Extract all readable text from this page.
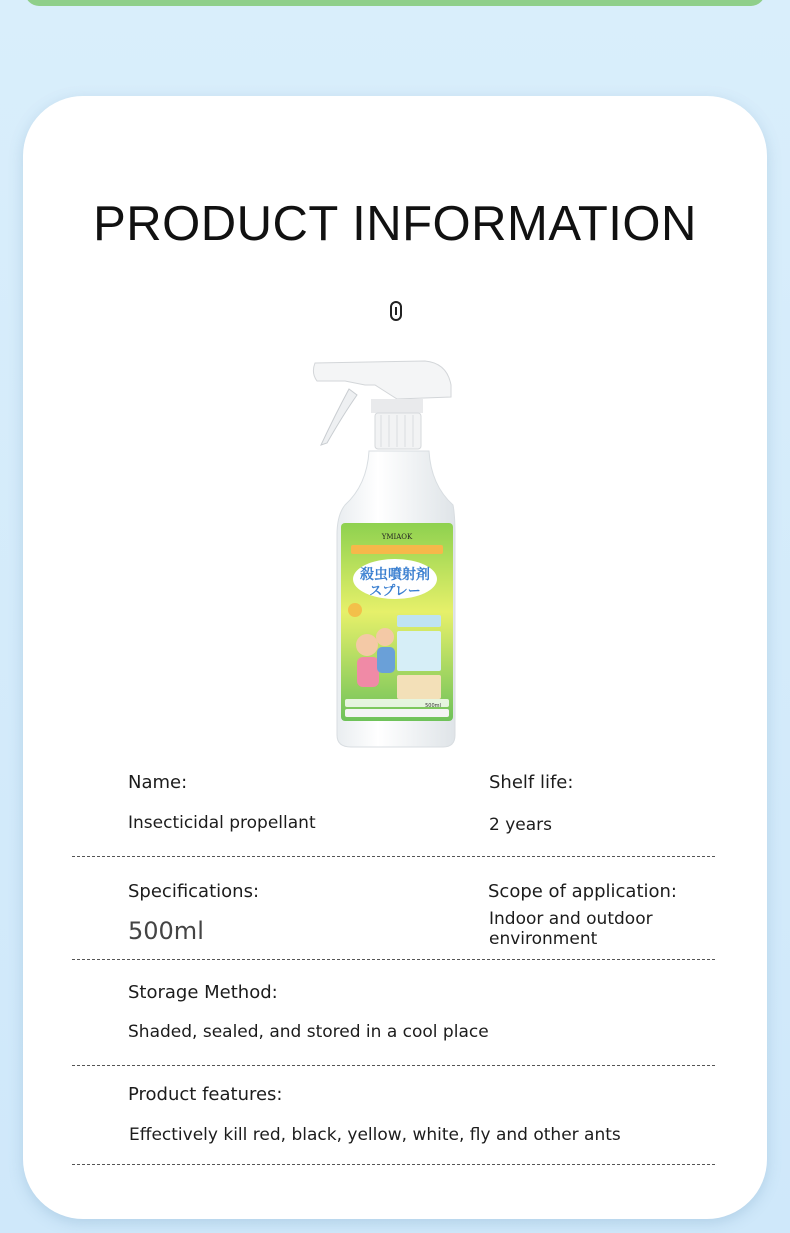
PRODUCT INFORMATION
YMIAOK
殺虫噴射剤
スプレー
500ml
Name:
Insecticidal propellant
Shelf life:
2 years
Specifications:
500ml
Scope of application:
Indoor and outdoor environment
Storage Method:
Shaded, sealed, and stored in a cool place
Product features:
Effectively kill red, black, yellow, white, fly and other ants
